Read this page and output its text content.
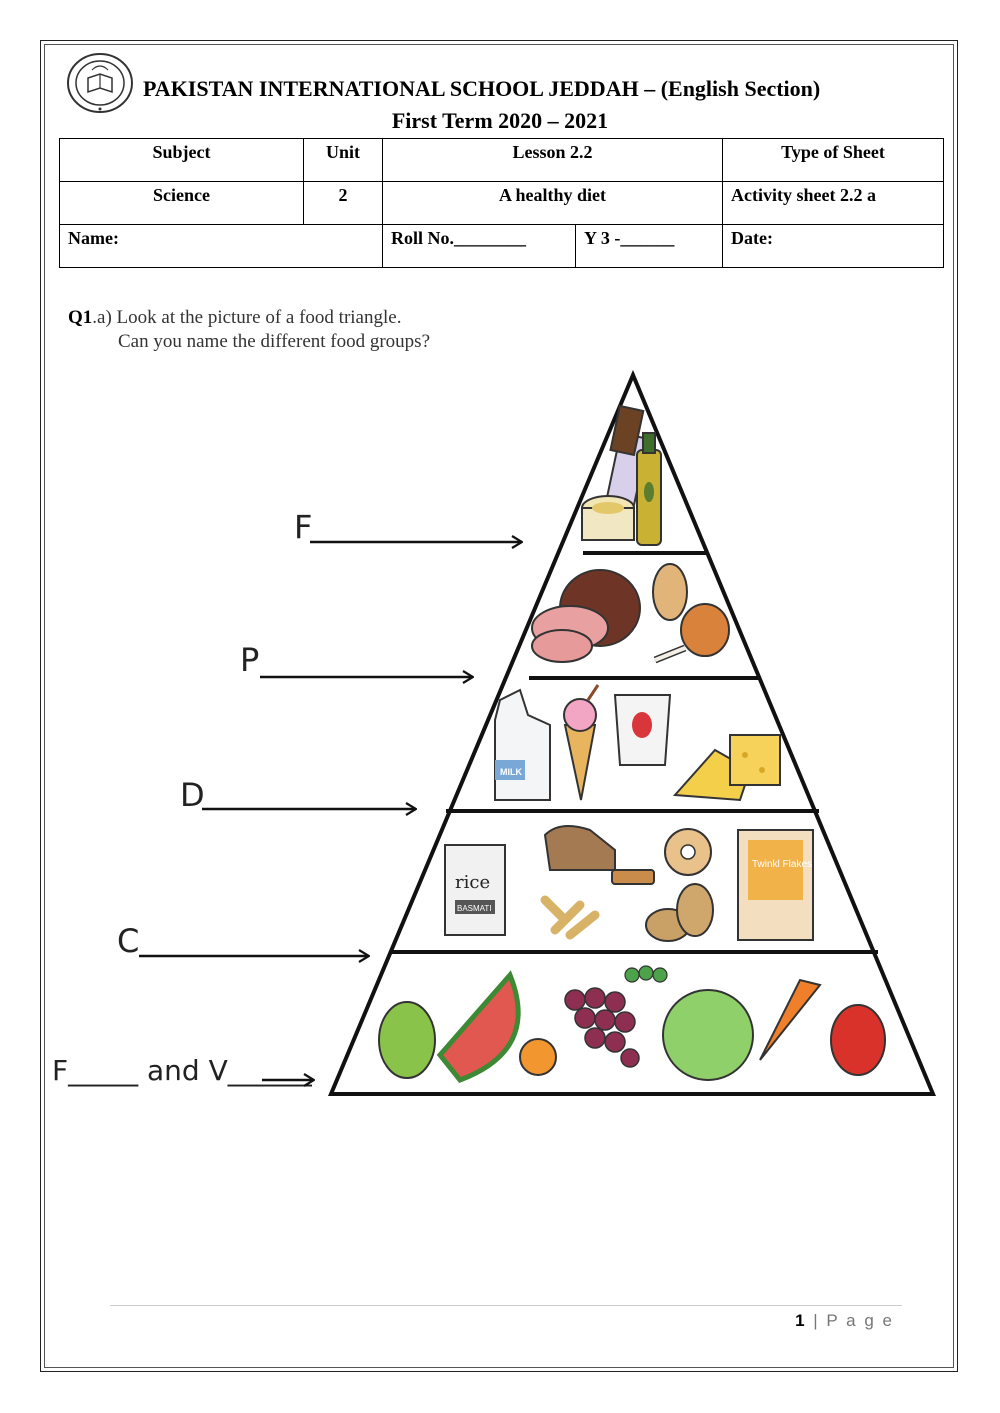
PAKISTAN INTERNATIONAL SCHOOL JEDDAH – (English Section)
First Term 2020 – 2021
Subject	Unit	Lesson 2.2		Type of Sheet
Science	2	A healthy diet		Activity sheet 2.2 a
Name:		Roll No.________	Y 3 -______	Date:
Q1.a) Look at the picture of a food triangle.
Can you name the different food groups?
MILK
rice
BASMATI
Twinkl Flakes
F
P
D
C
F_____ and V______
1 | P a g e
